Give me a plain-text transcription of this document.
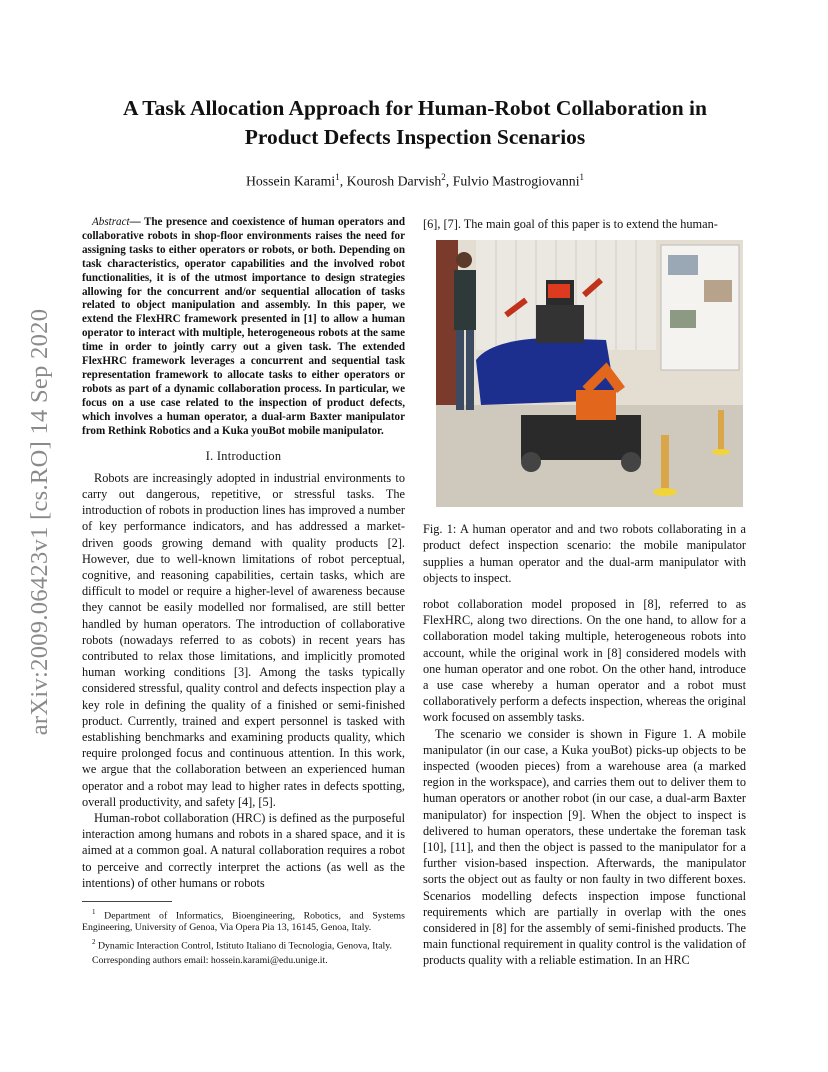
arXiv:2009.06423v1 [cs.RO] 14 Sep 2020
A Task Allocation Approach for Human-Robot Collaboration in
Product Defects Inspection Scenarios
Hossein Karami$^1$, Kourosh Darvish$^2$, Fulvio Mastrogiovanni$^1$

Abstract— The presence and coexistence of human operators and collaborative robots in shop-floor environments raises the need for assigning tasks to either operators or robots, or both. Depending on task characteristics, operator capabilities and the involved robot functionalities, it is of the utmost importance to design strategies allowing for the concurrent and/or sequential allocation of tasks related to object manipulation and assembly. In this paper, we extend the FlexHRC framework presented in [1] to allow a human operator to interact with multiple, heterogeneous robots at the same time in order to jointly carry out a given task. The extended FlexHRC framework leverages a concurrent and sequential task representation framework to allocate tasks to either operators or robots as part of a dynamic collaboration process. In particular, we focus on a use case related to the inspection of product defects, which involves a human operator, a dual-arm Baxter manipulator from Rethink Robotics and a Kuka youBot mobile manipulator.

I. Introduction

Robots are increasingly adopted in industrial environments to carry out dangerous, repetitive, or stressful tasks. The introduction of robots in production lines has improved a number of key performance indicators, and has addressed a market-driven goods growing demand with quality products [2]. However, due to well-known limitations of robot perceptual, cognitive, and reasoning capabilities, certain tasks, which are difficult to model or require a higher-level of awareness because they cannot be easily modelled nor formalised, are still better handled by human operators. The introduction of collaborative robots (nowadays referred to as cobots) in recent years has contributed to relax those limitations, and implicitly promoted human working conditions [3]. Among the tasks typically considered stressful, quality control and defects inspection play a key role in defining the quality of a finished or semi-finished product. Currently, trained and expert personnel is tasked with establishing benchmarks and examining products quality, which require prolonged focus and continuous attention. In this work, we argue that the collaboration between an experienced human operator and a robot may lead to higher rates in defects spotting, overall productivity, and safety [4], [5].

Human-robot collaboration (HRC) is defined as the purposeful interaction among humans and robots in a shared space, and it is aimed at a common goal. A natural collaboration requires a robot to perceive and correctly interpret the actions (as well as the intentions) of other humans or robots

$^1$ Department of Informatics, Bioengineering, Robotics, and Systems Engineering, University of Genoa, Via Opera Pia 13, 16145, Genoa, Italy.

$^2$ Dynamic Interaction Control, Istituto Italiano di Tecnologia, Genova, Italy.

Corresponding authors email: hossein.karami@edu.unige.it.

[6], [7]. The main goal of this paper is to extend the human-

Fig. 1: A human operator and and two robots collaborating in a product defect inspection scenario: the mobile manipulator supplies a human operator and the dual-arm manipulator with objects to inspect.

robot collaboration model proposed in [8], referred to as FlexHRC, along two directions. On the one hand, to allow for a collaboration model taking multiple, heterogeneous robots into account, while the original work in [8] considered models with one human operator and one robot. On the other hand, introduce a use case whereby a human operator and a robot must collaboratively perform a defects inspection, whereas the original work focused on assembly tasks.

The scenario we consider is shown in Figure 1. A mobile manipulator (in our case, a Kuka youBot) picks-up objects to be inspected (wooden pieces) from a warehouse area (a marked region in the workspace), and carries them out to deliver them to human operators or another robot (in our case, a dual-arm Baxter manipulator) for inspection [9]. When the object to inspect is delivered to human operators, these undertake the foreman task [10], [11], and then the object is passed to the manipulator for a further vision-based inspection. Afterwards, the manipulator sorts the object out as faulty or non faulty in two different boxes. Scenarios modelling defects inspection impose functional requirements which are partially in overlap with the ones considered in [8] for the assembly of semi-finished products. The main functional requirement in quality control is the validation of products quality with a reliable estimation. In an HRC
